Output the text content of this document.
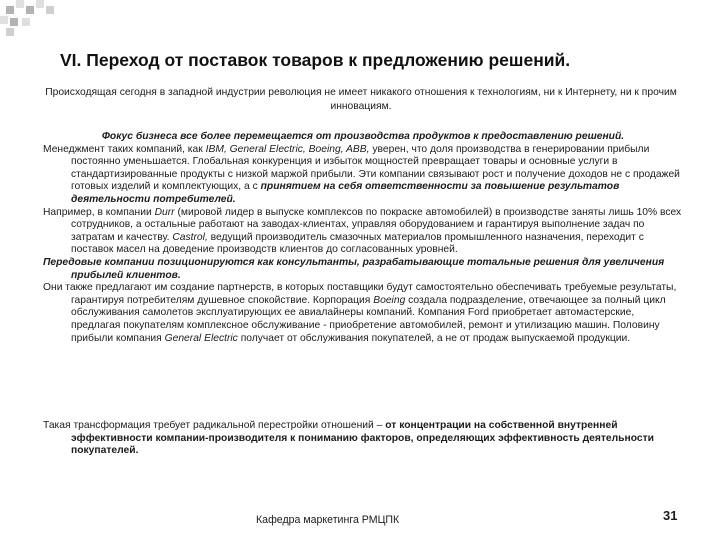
VI. Переход от поставок товаров к предложению решений.
Происходящая сегодня в западной индустрии революция не имеет никакого отношения к технологиям, ни к Интернету, ни к прочим инновациям.

Фокус бизнеса все более перемещается от производства продуктов к предоставлению решений.

Менеджмент таких компаний, как IBM, General Electric, Boeing, ABB, уверен, что доля производства в генерировании прибыли постоянно уменьшается. Глобальная конкуренция и избыток мощностей превращает товары и основные услуги в стандартизированные продукты с низкой маржой прибыли. Эти компании связывают рост и получение доходов не с продажей готовых изделий и комплектующих, а с принятием на себя ответственности за повышение результатов деятельности потребителей.

Например, в компании Durr (мировой лидер в выпуске комплексов по покраске автомобилей) в производстве заняты лишь 10% всех сотрудников, а остальные работают на заводах-клиентах, управляя оборудованием и гарантируя выполнение задач по затратам и качеству. Castrol, ведущий производитель смазочных материалов промышленного назначения, переходит с поставок масел на доведение производств клиентов до согласованных уровней.

Передовые компании позиционируются как консультанты, разрабатывающие тотальные решения для увеличения прибылей клиентов.

Они также предлагают им создание партнерств, в которых поставщики будут самостоятельно обеспечивать требуемые результаты, гарантируя потребителям душевное спокойствие. Корпорация Boeing создала подразделение, отвечающее за полный цикл обслуживания самолетов эксплуатирующих ее авиалайнеры компаний. Компания Ford приобретает автомастерские, предлагая покупателям комплексное обслуживание - приобретение автомобилей, ремонт и утилизацию машин. Половину прибыли компания General Electric получает от обслуживания покупателей, а не от продаж выпускаемой продукции.

Такая трансформация требует радикальной перестройки отношений – от концентрации на собственной внутренней эффективности компании-производителя к пониманию факторов, определяющих эффективность деятельности покупателей.

Кафедра маркетинга РМЦПК	31
